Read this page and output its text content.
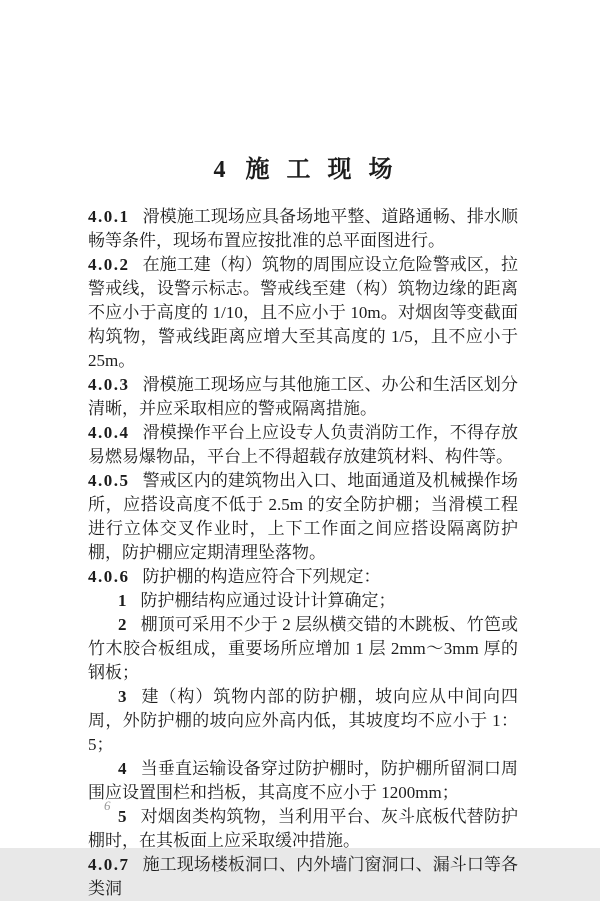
4 施工现场

4.0.1 滑模施工现场应具备场地平整、道路通畅、排水顺畅等条件，现场布置应按批准的总平面图进行。

4.0.2 在施工建（构）筑物的周围应设立危险警戒区，拉警戒线，设警示标志。警戒线至建（构）筑物边缘的距离不应小于高度的 1/10，且不应小于 10m。对烟囱等变截面构筑物，警戒线距离应增大至其高度的 1/5，且不应小于 25m。

4.0.3 滑模施工现场应与其他施工区、办公和生活区划分清晰，并应采取相应的警戒隔离措施。

4.0.4 滑模操作平台上应设专人负责消防工作，不得存放易燃易爆物品，平台上不得超载存放建筑材料、构件等。

4.0.5 警戒区内的建筑物出入口、地面通道及机械操作场所，应搭设高度不低于 2.5m 的安全防护棚；当滑模工程进行立体交叉作业时，上下工作面之间应搭设隔离防护棚，防护棚应定期清理坠落物。

4.0.6 防护棚的构造应符合下列规定：

1 防护棚结构应通过设计计算确定；

2 棚顶可采用不少于 2 层纵横交错的木跳板、竹笆或竹木胶合板组成，重要场所应增加 1 层 2mm～3mm 厚的钢板；

3 建（构）筑物内部的防护棚，坡向应从中间向四周，外防护棚的坡向应外高内低，其坡度均不应小于 1：5；

4 当垂直运输设备穿过防护棚时，防护棚所留洞口周围应设置围栏和挡板，其高度不应小于 1200mm；

5 对烟囱类构筑物，当利用平台、灰斗底板代替防护棚时，在其板面上应采取缓冲措施。

4.0.7 施工现场楼板洞口、内外墙门窗洞口、漏斗口等各类洞

6
